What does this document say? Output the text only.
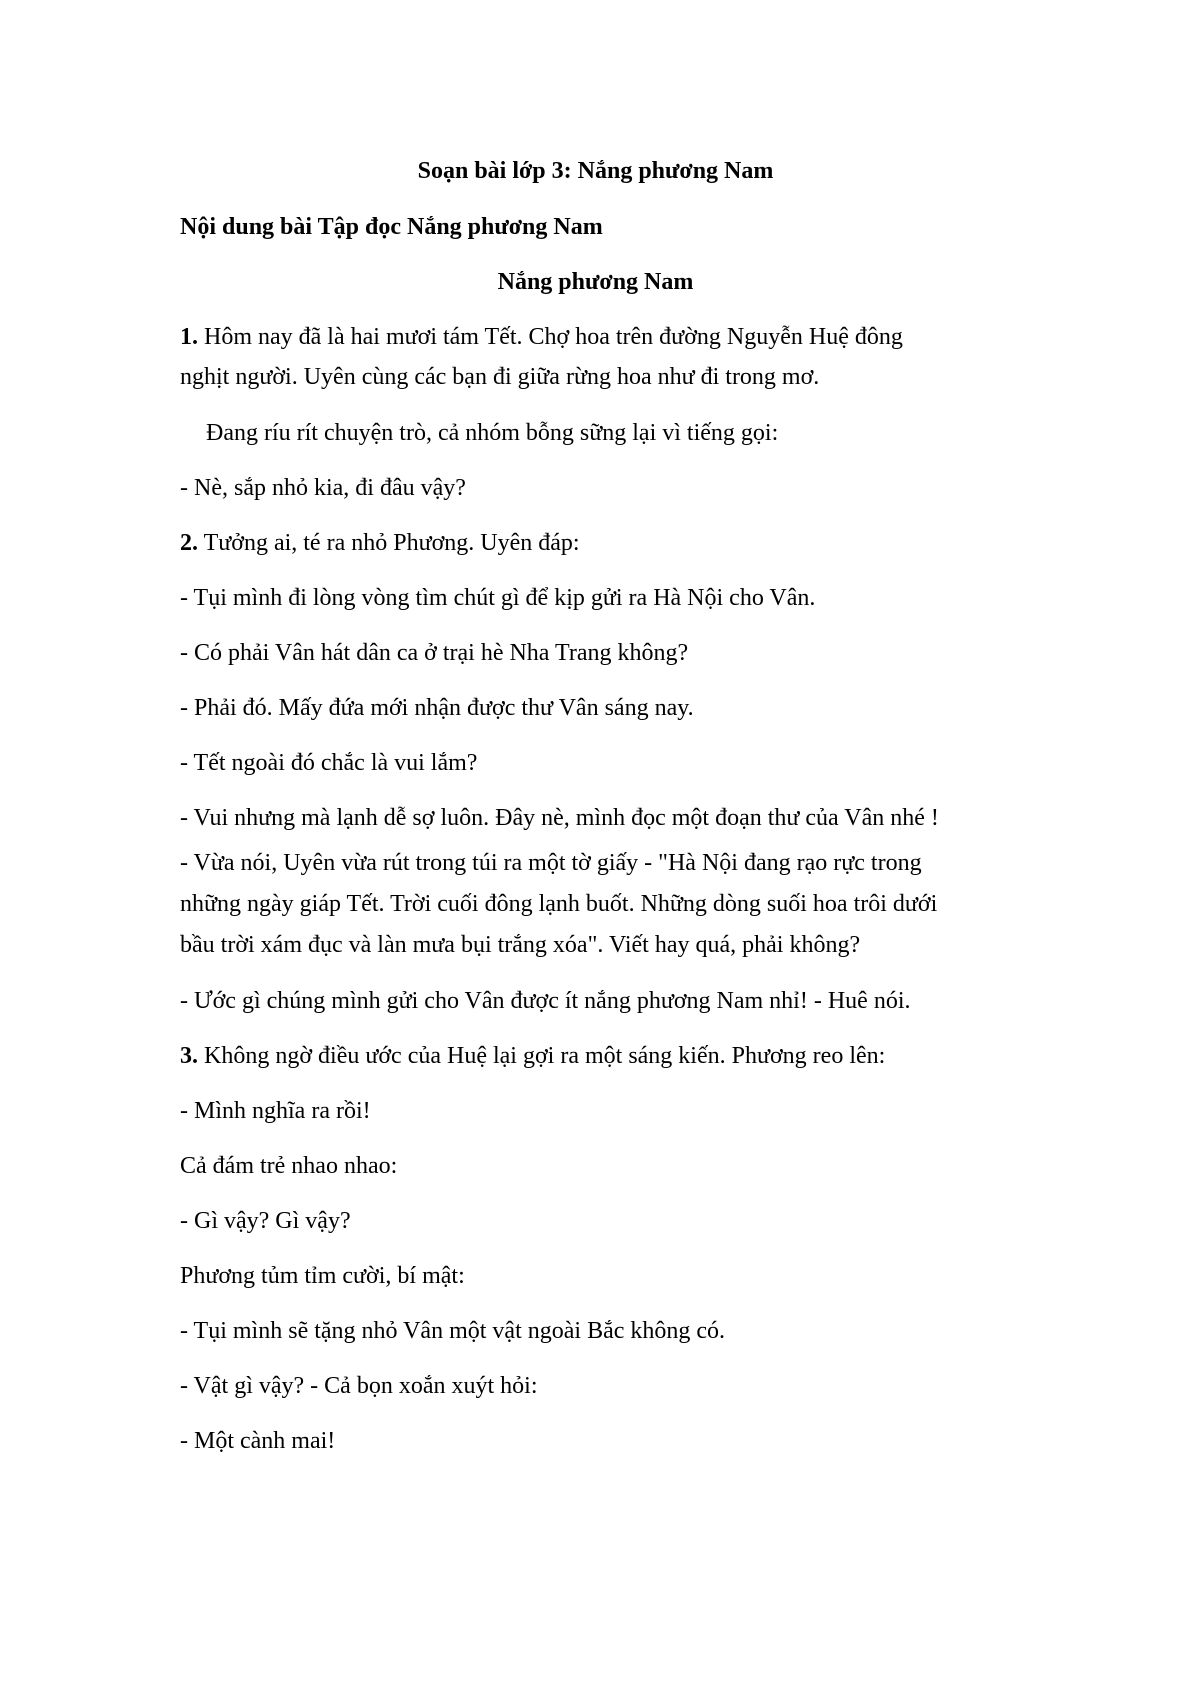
Soạn bài lớp 3: Nắng phương Nam
Nội dung bài Tập đọc Nắng phương Nam
Nắng phương Nam
1. Hôm nay đã là hai mươi tám Tết. Chợ hoa trên đường Nguyễn Huệ đông
nghịt người. Uyên cùng các bạn đi giữa rừng hoa như đi trong mơ.
Đang ríu rít chuyện trò, cả nhóm bỗng sững lại vì tiếng gọi:
- Nè, sắp nhỏ kia, đi đâu vậy?
2. Tưởng ai, té ra nhỏ Phương. Uyên đáp:
- Tụi mình đi lòng vòng tìm chút gì để kịp gửi ra Hà Nội cho Vân.
- Có phải Vân hát dân ca ở trại hè Nha Trang không?
- Phải đó. Mấy đứa mới nhận được thư Vân sáng nay.
- Tết ngoài đó chắc là vui lắm?
- Vui nhưng mà lạnh dễ sợ luôn. Đây nè, mình đọc một đoạn thư của Vân nhé !
- Vừa nói, Uyên vừa rút trong túi ra một tờ giấy - "Hà Nội đang rạo rực trong
những ngày giáp Tết. Trời cuối đông lạnh buốt. Những dòng suối hoa trôi dưới
bầu trời xám đục và làn mưa bụi trắng xóa". Viết hay quá, phải không?
- Ước gì chúng mình gửi cho Vân được ít nắng phương Nam nhỉ! - Huê nói.
3. Không ngờ điều ước của Huệ lại gợi ra một sáng kiến. Phương reo lên:
- Mình nghĩa ra rồi!
Cả đám trẻ nhao nhao:
- Gì vậy? Gì vậy?
Phương tủm tỉm cười, bí mật:
- Tụi mình sẽ tặng nhỏ Vân một vật ngoài Bắc không có.
- Vật gì vậy? - Cả bọn xoắn xuýt hỏi:
- Một cành mai!
